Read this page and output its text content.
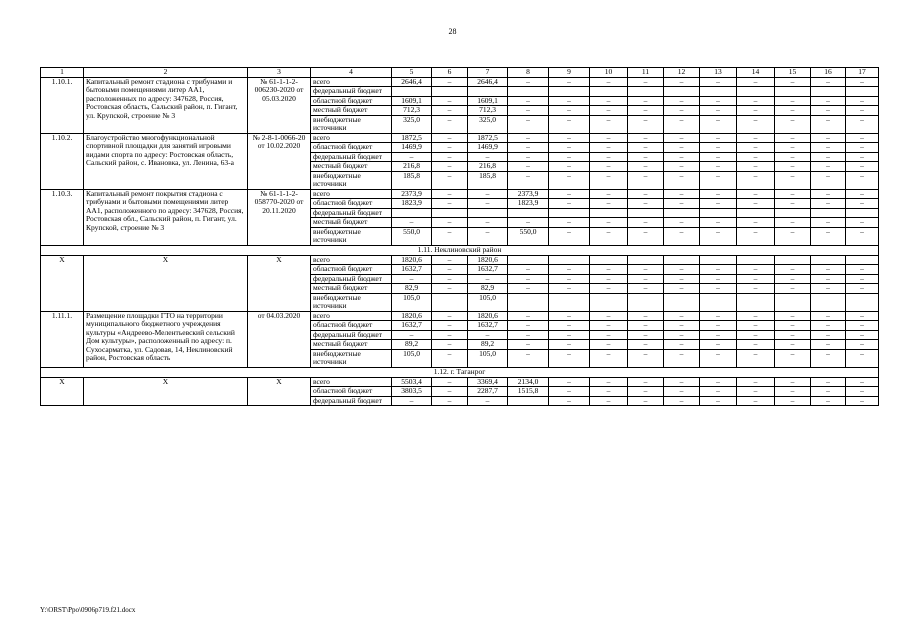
28
1	2	3	4	5	6	7	8	9	10	11	12	13	14	15	16	17
1.10.1.	Капитальный ремонт стадиона с трибунами и бытовыми помещениями литер АА1, расположенных по адресу: 347628, Россия, Ростовская область, Сальский район, п. Гигант, ул. Крупской, строение № 3	№ 61-1-1-2-006230-2020 от 05.03.2020	всего	2646,4	–	2646,4	–	–	–	–	–	–	–	–	–	–
			федеральный бюджет													
			областной бюджет	1609,1	–	1609,1	–	–	–	–	–	–	–	–	–	–
			местный бюджет	712,3	–	712,3	–	–	–	–	–	–	–	–	–	–
			внебюджетные источники	325,0	–	325,0	–	–	–	–	–	–	–	–	–	–
1.10.2.	Благоустройство многофункциональной спортивной площадки для занятий игровыми видами спорта по адресу: Ростовская область, Сальский район, с. Ивановка, ул. Ленина, 63-а	№ 2-8-1-0066-20 от 10.02.2020	всего	1872,5	–	1872,5	–	–	–	–	–	–	–	–	–	–
			областной бюджет	1469,9	–	1469,9	–	–	–	–	–	–	–	–	–	–
			федеральный бюджет	–	–	–	–	–	–	–	–	–	–	–	–	–
			местный бюджет	216,8	–	216,8	–	–	–	–	–	–	–	–	–	–
			внебюджетные источники	185,8	–	185,8	–	–	–	–	–	–	–	–	–	–
1.10.3.	Капитальный ремонт покрытия стадиона с трибунами и бытовыми помещениями литер АА1, расположенного по адресу: 347628, Россия, Ростовская обл., Сальский район, п. Гигант, ул. Крупской, строение № 3	№ 61-1-1-2-058770-2020 от 20.11.2020	всего	2373,9	–	–	2373,9	–	–	–	–	–	–	–	–	–
			областной бюджет	1823,9	–	–	1823,9	–	–	–	–	–	–	–	–	–
			федеральный бюджет													
			местный бюджет	–	–	–	–	–	–	–	–	–	–	–	–	–
			внебюджетные источники	550,0	–	–	550,0	–	–	–	–	–	–	–	–	–
1.11. Неклиновский район																
Х	Х	Х	всего	1820,6	–	1820,6										
			областной бюджет	1632,7	–	1632,7	–	–	–	–	–	–	–	–	–	–
			федеральный бюджет	–	–	–	–	–	–	–	–	–	–	–	–	–
			местный бюджет	82,9	–	82,9	–	–	–	–	–	–	–	–	–	–
			внебюджетные источники	105,0		105,0										
1.11.1.	Размещение площадки ГТО на территории муниципального бюджетного учреждения культуры «Андреево-Мелентьевский сельский Дом культуры», расположенный по адресу: п. Сухосарматка, ул. Садовая, 14, Неклиновский район, Ростовская область	от 04.03.2020	всего	1820,6	–	1820,6	–	–	–	–	–	–	–	–	–	–
			областной бюджет	1632,7	–	1632,7	–	–	–	–	–	–	–	–	–	–
			федеральный бюджет	–	–	–	–	–	–	–	–	–	–	–	–	–
			местный бюджет	89,2	–	89,2	–	–	–	–	–	–	–	–	–	–
			внебюджетные источники	105,0	–	105,0	–	–	–	–	–	–	–	–	–	–
1.12. г. Таганрог																
Х	Х	Х	всего	5503,4	–	3369,4	2134,0	–	–	–	–	–	–	–	–	–
			областной бюджет	3803,5	–	2287,7	1515,8	–	–	–	–	–	–	–	–	–
			федеральный бюджет	–	–	–		–	–	–	–	–	–	–	–	–
Y:\ORST\Ppo\0906p719.f21.docx
